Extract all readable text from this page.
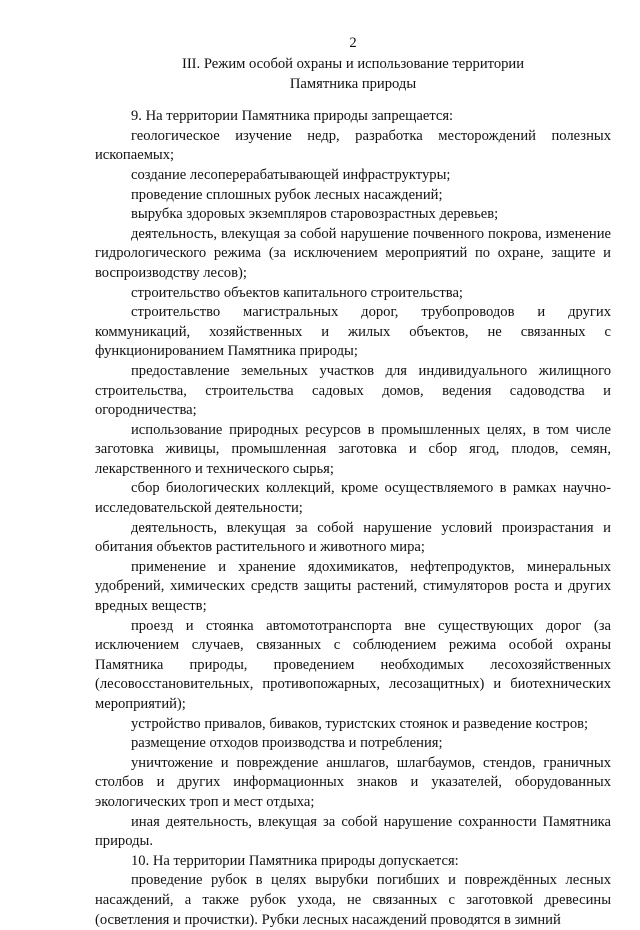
2

III. Режим особой охраны и использование территории
Памятника природы

9. На территории Памятника природы запрещается:

геологическое изучение недр, разработка месторождений полезных ископаемых;

создание лесоперерабатывающей инфраструктуры;

проведение сплошных рубок лесных насаждений;

вырубка здоровых экземпляров старовозрастных деревьев;

деятельность, влекущая за собой нарушение почвенного покрова, изменение гидрологического режима (за исключением мероприятий по охране, защите и воспроизводству лесов);

строительство объектов капитального строительства;

строительство магистральных дорог, трубопроводов и других коммуникаций, хозяйственных и жилых объектов, не связанных с функционированием Памятника природы;

предоставление земельных участков для индивидуального жилищного строительства, строительства садовых домов, ведения садоводства и огородничества;

использование природных ресурсов в промышленных целях, в том числе заготовка живицы, промышленная заготовка и сбор ягод, плодов, семян, лекарственного и технического сырья;

сбор биологических коллекций, кроме осуществляемого в рамках научно-исследовательской деятельности;

деятельность, влекущая за собой нарушение условий произрастания и обитания объектов растительного и животного мира;

применение и хранение ядохимикатов, нефтепродуктов, минеральных удобрений, химических средств защиты растений, стимуляторов роста и других вредных веществ;

проезд и стоянка автомототранспорта вне существующих дорог (за исключением случаев, связанных с соблюдением режима особой охраны Памятника природы, проведением необходимых лесохозяйственных (лесовосстановительных, противопожарных, лесозащитных) и биотехнических мероприятий);

устройство привалов, биваков, туристских стоянок и разведение костров;

размещение отходов производства и потребления;

уничтожение и повреждение аншлагов, шлагбаумов, стендов, граничных столбов и других информационных знаков и указателей, оборудованных экологических троп и мест отдыха;

иная деятельность, влекущая за собой нарушение сохранности Памятника природы.

10. На территории Памятника природы допускается:

проведение рубок в целях вырубки погибших и повреждённых лесных насаждений, а также рубок ухода, не связанных с заготовкой древесины (осветления и прочистки). Рубки лесных насаждений проводятся в зимний
